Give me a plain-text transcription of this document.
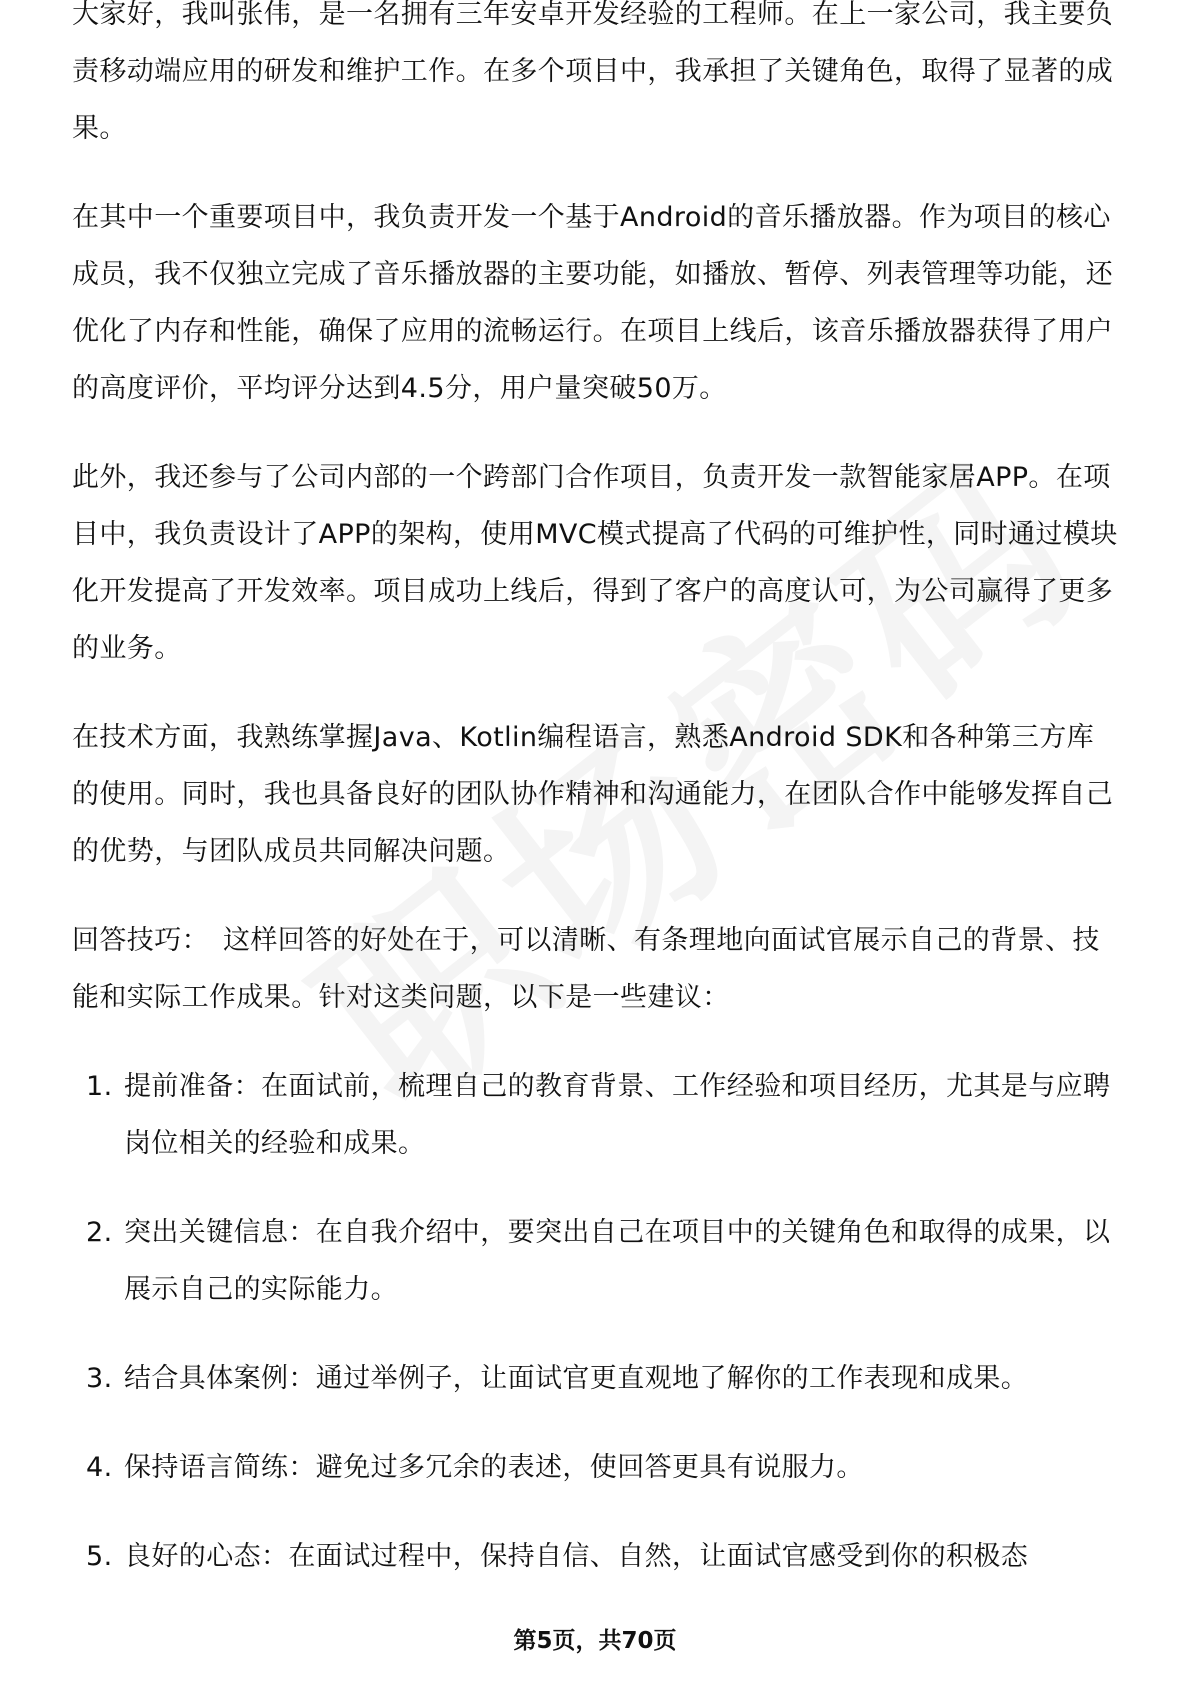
大家好，我叫张伟，是一名拥有三年安卓开发经验的工程师。在上一家公司，我主要负责移动端应用的研发和维护工作。在多个项目中，我承担了关键角色，取得了显著的成果。

在其中一个重要项目中，我负责开发一个基于Android的音乐播放器。作为项目的核心成员，我不仅独立完成了音乐播放器的主要功能，如播放、暂停、列表管理等功能，还优化了内存和性能，确保了应用的流畅运行。在项目上线后，该音乐播放器获得了用户的高度评价，平均评分达到4.5分，用户量突破50万。

此外，我还参与了公司内部的一个跨部门合作项目，负责开发一款智能家居APP。在项目中，我负责设计了APP的架构，使用MVC模式提高了代码的可维护性，同时通过模块化开发提高了开发效率。项目成功上线后，得到了客户的高度认可，为公司赢得了更多的业务。

在技术方面，我熟练掌握Java、Kotlin编程语言，熟悉Android SDK和各种第三方库的使用。同时，我也具备良好的团队协作精神和沟通能力，在团队合作中能够发挥自己的优势，与团队成员共同解决问题。

回答技巧： 这样回答的好处在于，可以清晰、有条理地向面试官展示自己的背景、技能和实际工作成果。针对这类问题，以下是一些建议：

1. 提前准备：在面试前，梳理自己的教育背景、工作经验和项目经历，尤其是与应聘岗位相关的经验和成果。
2. 突出关键信息：在自我介绍中，要突出自己在项目中的关键角色和取得的成果，以展示自己的实际能力。
3. 结合具体案例：通过举例子，让面试官更直观地了解你的工作表现和成果。
4. 保持语言简练：避免过多冗余的表述，使回答更具有说服力。
5. 良好的心态：在面试过程中，保持自信、自然，让面试官感受到你的积极态
第5页，共70页
